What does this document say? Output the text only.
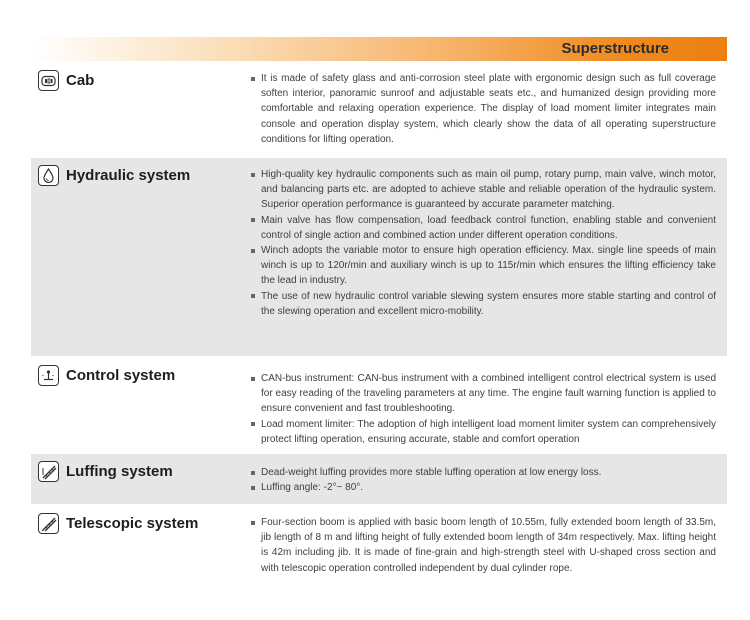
Superstructure
Cab	It is made of safety glass and anti-corrosion steel plate with ergonomic design such as full coverage soften interior, panoramic sunroof and adjustable seats etc., and humanized design providing more comfortable and relaxing operation experience. The display of load moment limiter integrates main console and operation display system, which clearly show the data of all operating superstructure conditions for lifting operation.
Hydraulic system	High-quality key hydraulic components such as main oil pump, rotary pump, main valve, winch motor, and balancing parts etc. are adopted to achieve stable and reliable operation of the hydraulic system. Superior operation performance is guaranteed by accurate parameter matching.
Main valve has flow compensation, load feedback control function, enabling stable and convenient control of single action and combined action under different operation conditions.
Winch adopts the variable motor to ensure high operation efficiency. Max. single line speeds of main winch is up to 120r/min and auxiliary winch is up to 115r/min which ensures the lifting efficiency take the lead in industry.
The use of new hydraulic control variable slewing system ensures more stable starting and control of the slewing operation and excellent micro-mobility.
Control system	CAN-bus instrument: CAN-bus instrument with a combined intelligent control electrical system is used for easy reading of the traveling parameters at any time. The engine fault warning function is applied to ensure convenient and fast troubleshooting.
Load moment limiter: The adoption of high intelligent load moment limiter system can comprehensively protect lifting operation, ensuring accurate, stable and comfort operation
Luffing system	Dead-weight luffing provides more stable luffing operation at low energy loss.
Luffing angle: -2°~ 80°.
Telescopic system	Four-section boom is applied with basic boom length of 10.55m, fully extended boom length of 33.5m, jib length of 8 m and lifting height of fully extended boom length of 34m respectively. Max. lifting height is 42m including jib. It is made of fine-grain and high-strength steel with U-shaped cross section and with telescopic operation controlled independent by dual cylinder rope.
